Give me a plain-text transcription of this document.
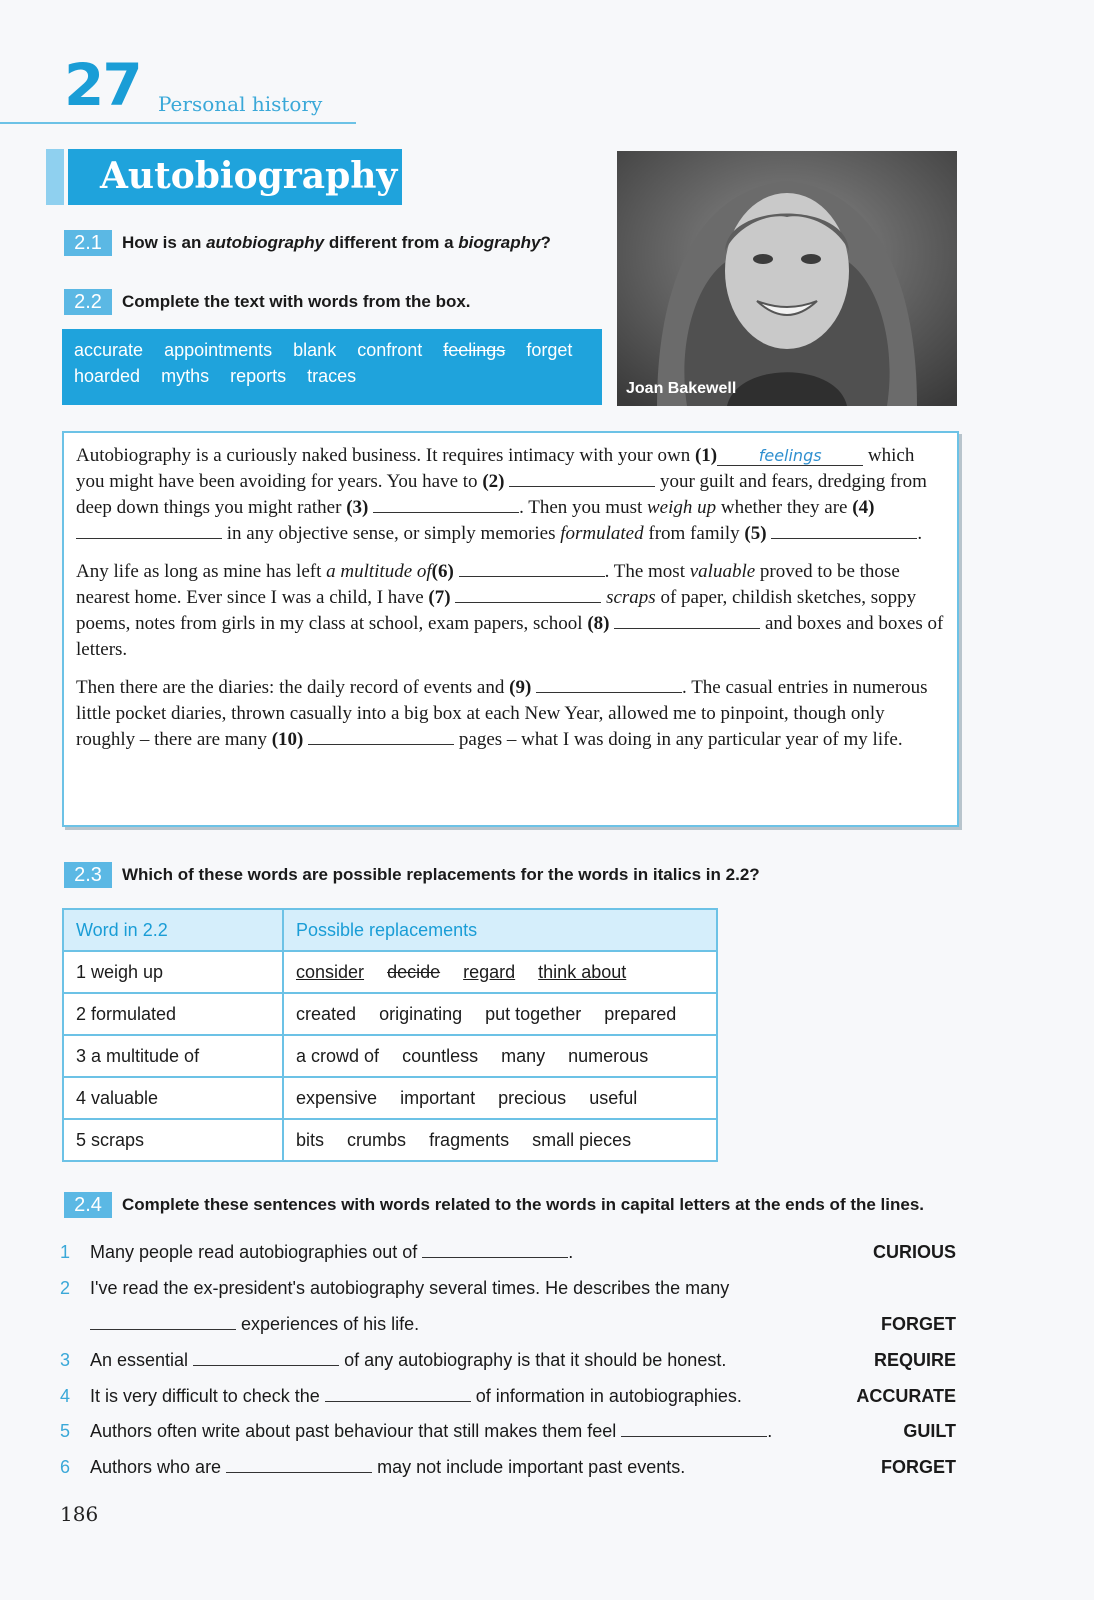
27 Personal history
Autobiography
2.1	How is an autobiography different from a biography?
2.2	Complete the text with words from the box.
accurate appointments blank confront feelings forget
hoarded myths reports traces
Joan Bakewell

Autobiography is a curiously naked business. It requires intimacy with your own (1)	feelings which you might have been avoiding for years. You have to (2)	your guilt and fears, dredging from deep down things you might rather (3)	. Then you must weigh up whether they are (4)  in any objective sense, or simply memories formulated from family (5)	.

Any life as long as mine has left a multitude of(6)	. The most valuable proved to be those nearest home. Ever since I was a child, I have (7)	scraps of paper, childish sketches, soppy poems, notes from girls in my class at school, exam papers, school (8)	and boxes and boxes of letters.

Then there are the diaries: the daily record of events and (9)	. The casual entries in numerous little pocket diaries, thrown casually into a big box at each New Year, allowed me to pinpoint, though only roughly – there are many (10)	pages – what I was doing in any particular year of my life.

2.3	Which of these words are possible replacements for the words in italics in 2.2?
Word in 2.2	Possible replacements
1 weigh up	consider decide regard think about
2 formulated	created originating put together prepared
3 a multitude of	a crowd of countless many numerous
4 valuable	expensive important precious useful
5 scraps	bits crumbs fragments small pieces
2.4	Complete these sentences with words related to the words in capital letters at the ends of the lines.
1 Many people read autobiographies out of	.	CURIOUS
2 I've read the ex-president's autobiography several times. He describes the many
experiences of his life.	FORGET
3 An essential	of any autobiography is that it should be honest.	REQUIRE
4 It is very difficult to check the	of information in autobiographies.	ACCURATE
5 Authors often write about past behaviour that still makes them feel	.	GUILT
6 Authors who are	may not include important past events.	FORGET
186
